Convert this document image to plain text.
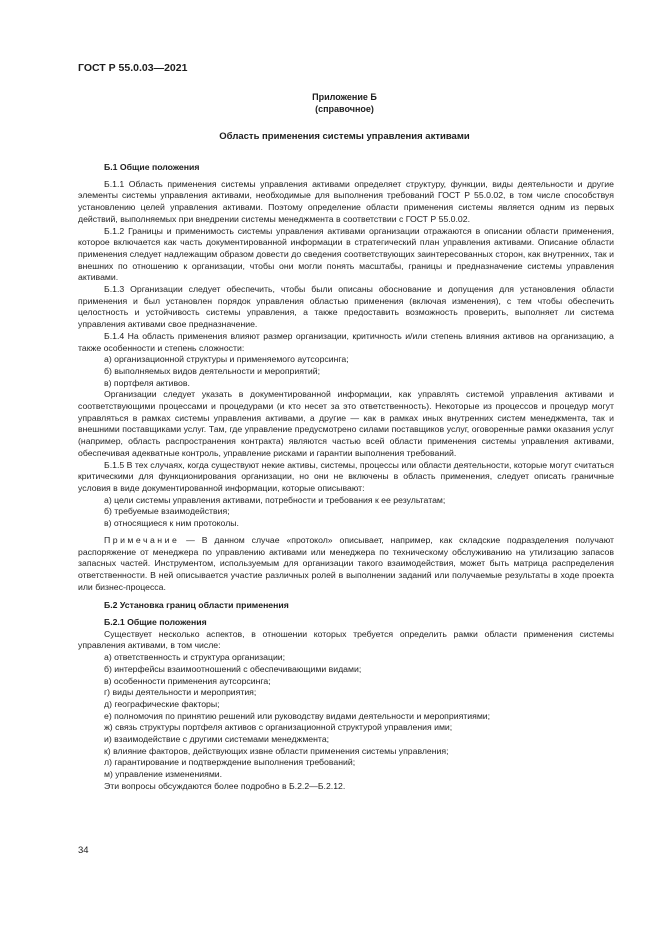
ГОСТ Р 55.0.03—2021
Приложение Б
(справочное)
Область применения системы управления активами

Б.1 Общие положения

Б.1.1 Область применения системы управления активами определяет структуру, функции, виды деятельности и другие элементы системы управления активами, необходимые для выполнения требований ГОСТ Р 55.0.02, в том числе способствуя установлению целей управления активами. Поэтому определение области применения системы является одним из первых действий, выполняемых при внедрении системы менеджмента в соответствии с ГОСТ Р 55.0.02.

Б.1.2 Границы и применимость системы управления активами организации отражаются в описании области применения, которое включается как часть документированной информации в стратегический план управления активами. Описание области применения следует надлежащим образом довести до сведения соответствующих заинтересованных сторон, как внутренних, так и внешних по отношению к организации, чтобы они могли понять масштабы, границы и предназначение системы управления активами.

Б.1.3 Организации следует обеспечить, чтобы были описаны обоснование и допущения для установления области применения и был установлен порядок управления областью применения (включая изменения), с тем чтобы обеспечить целостность и устойчивость системы управления, а также предоставить возможность проверить, выполняет ли система управления активами свое предназначение.

Б.1.4 На область применения влияют размер организации, критичность и/или степень влияния активов на организацию, а также особенности и степень сложности:

а) организационной структуры и применяемого аутсорсинга;

б) выполняемых видов деятельности и мероприятий;

в) портфеля активов.

Организации следует указать в документированной информации, как управлять системой управления активами и соответствующими процессами и процедурами (и кто несет за это ответственность). Некоторые из процессов и процедур могут управляться в рамках системы управления активами, а другие — как в рамках иных внутренних систем менеджмента, так и внешними поставщиками услуг. Там, где управление предусмотрено силами поставщиков услуг, оговоренные рамки оказания услуг (например, область распространения контракта) являются частью всей области применения системы управления активами, обеспечивая адекватные контроль, управление рисками и гарантии выполнения требований.

Б.1.5 В тех случаях, когда существуют некие активы, системы, процессы или области деятельности, которые могут считаться критическими для функционирования организации, но они не включены в область применения, следует описать граничные условия в виде документированной информации, которые описывают:

а) цели системы управления активами, потребности и требования к ее результатам;

б) требуемые взаимодействия;

в) относящиеся к ним протоколы.

Примечание — В данном случае «протокол» описывает, например, как складские подразделения получают распоряжение от менеджера по управлению активами или менеджера по техническому обслуживанию на утилизацию запасов запасных частей. Инструментом, используемым для организации такого взаимодействия, может быть матрица распределения ответственности. В ней описывается участие различных ролей в выполнении заданий или получаемые результаты в ходе проекта или бизнес-процесса.

Б.2 Установка границ области применения

Б.2.1 Общие положения

Существует несколько аспектов, в отношении которых требуется определить рамки области применения системы управления активами, в том числе:

а) ответственность и структура организации;

б) интерфейсы взаимоотношений с обеспечивающими видами;

в) особенности применения аутсорсинга;

г) виды деятельности и мероприятия;

д) географические факторы;

е) полномочия по принятию решений или руководству видами деятельности и мероприятиями;

ж) связь структуры портфеля активов с организационной структурой управления ими;

и) взаимодействие с другими системами менеджмента;

к) влияние факторов, действующих извне области применения системы управления;

л) гарантирование и подтверждение выполнения требований;

м) управление изменениями.

Эти вопросы обсуждаются более подробно в Б.2.2—Б.2.12.

34
